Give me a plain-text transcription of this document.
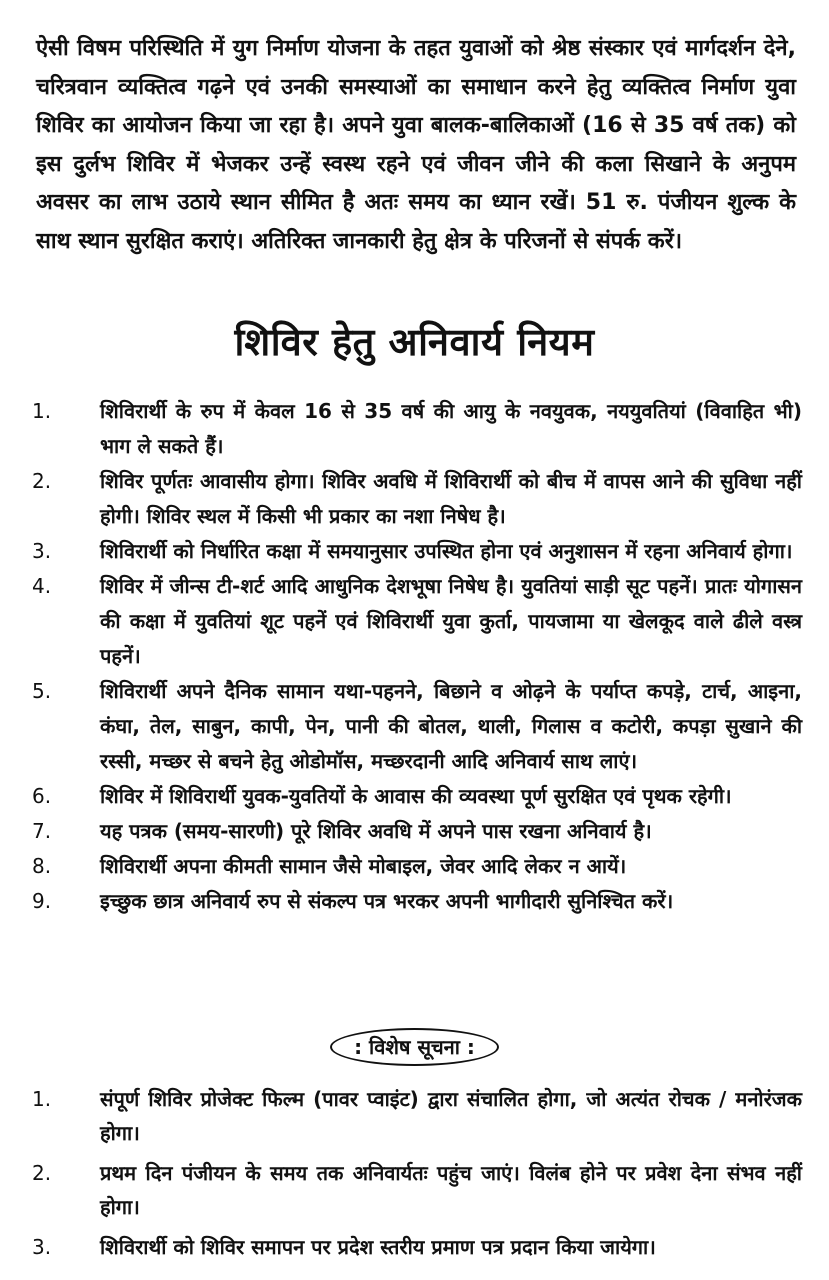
ऐसी विषम परिस्थिति में युग निर्माण योजना के तहत युवाओं को श्रेष्ठ संस्कार एवं मार्गदर्शन देने, चरित्रवान व्यक्तित्व गढ़ने एवं उनकी समस्याओं का समाधान करने हेतु व्यक्तित्व निर्माण युवा शिविर का आयोजन किया जा रहा है। अपने युवा बालक-बालिकाओं (16 से 35 वर्ष तक) को इस दुर्लभ शिविर में भेजकर उन्हें स्वस्थ रहने एवं जीवन जीने की कला सिखाने के अनुपम अवसर का लाभ उठाये स्थान सीमित है अतः समय का ध्यान रखें। 51 रु. पंजीयन शुल्क के साथ स्थान सुरक्षित कराएं। अतिरिक्त जानकारी हेतु क्षेत्र के परिजनों से संपर्क करें।

शिविर हेतु अनिवार्य नियम
1.	शिविरार्थी के रुप में केवल 16 से 35 वर्ष की आयु के नवयुवक, नययुवतियां (विवाहित भी) भाग ले सकते हैं।
2.	शिविर पूर्णतः आवासीय होगा। शिविर अवधि में शिविरार्थी को बीच में वापस आने की सुविधा नहीं होगी। शिविर स्थल में किसी भी प्रकार का नशा निषेध है।
3.	शिविरार्थी को निर्धारित कक्षा में समयानुसार उपस्थित होना एवं अनुशासन में रहना अनिवार्य होगा।
4.	शिविर में जीन्स टी-शर्ट आदि आधुनिक देशभूषा निषेध है। युवतियां साड़ी सूट पहनें। प्रातः योगासन की कक्षा में युवतियां शूट पहनें एवं शिविरार्थी युवा कुर्ता, पायजामा या खेलकूद वाले ढीले वस्त्र पहनें।
5.	शिविरार्थी अपने दैनिक सामान यथा-पहनने, बिछाने व ओढ़ने के पर्याप्त कपड़े, टार्च, आइना, कंघा, तेल, साबुन, कापी, पेन, पानी की बोतल, थाली, गिलास व कटोरी, कपड़ा सुखाने की रस्सी, मच्छर से बचने हेतु ओडोमॉस, मच्छरदानी आदि अनिवार्य साथ लाएं।
6.	शिविर में शिविरार्थी युवक-युवतियों के आवास की व्यवस्था पूर्ण सुरक्षित एवं पृथक रहेगी।
7.	यह पत्रक (समय-सारणी) पूरे शिविर अवधि में अपने पास रखना अनिवार्य है।
8.	शिविरार्थी अपना कीमती सामान जैसे मोबाइल, जेवर आदि लेकर न आयें।
9.	इच्छुक छात्र अनिवार्य रुप से संकल्प पत्र भरकर अपनी भागीदारी सुनिश्चित करें।
: विशेष सूचना :
1.	संपूर्ण शिविर प्रोजेक्ट फिल्म (पावर प्वाइंट) द्वारा संचालित होगा, जो अत्यंत रोचक / मनोरंजक होगा।
2.	प्रथम दिन पंजीयन के समय तक अनिवार्यतः पहुंच जाएं। विलंब होने पर प्रवेश देना संभव नहीं होगा।
3.	शिविरार्थी को शिविर समापन पर प्रदेश स्तरीय प्रमाण पत्र प्रदान किया जायेगा।
